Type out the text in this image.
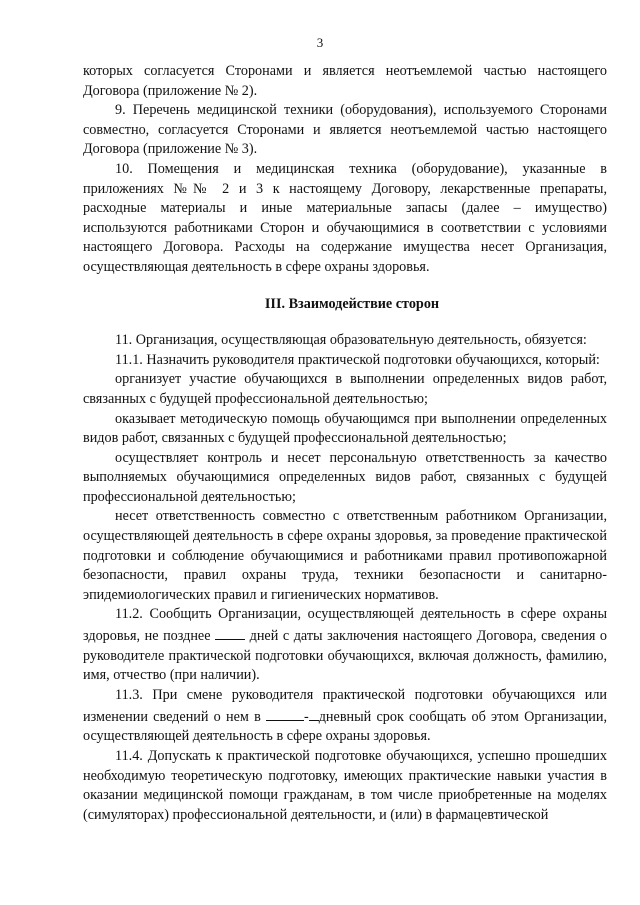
3

которых согласуется Сторонами и является неотъемлемой частью настоящего Договора (приложение № 2).

9. Перечень медицинской техники (оборудования), используемого Сторонами совместно, согласуется Сторонами и является неотъемлемой частью настоящего Договора (приложение № 3).

10. Помещения и медицинская техника (оборудование), указанные в приложениях №№ 2 и 3 к настоящему Договору, лекарственные препараты, расходные материалы и иные материальные запасы (далее – имущество) используются работниками Сторон и обучающимися в соответствии с условиями настоящего Договора. Расходы на содержание имущества несет Организация, осуществляющая деятельность в сфере охраны здоровья.

III. Взаимодействие сторон

11. Организация, осуществляющая образовательную деятельность, обязуется:

11.1. Назначить руководителя практической подготовки обучающихся, который:

организует участие обучающихся в выполнении определенных видов работ, связанных с будущей профессиональной деятельностью;

оказывает методическую помощь обучающимся при выполнении определенных видов работ, связанных с будущей профессиональной деятельностью;

осуществляет контроль и несет персональную ответственность за качество выполняемых обучающимися определенных видов работ, связанных с будущей профессиональной деятельностью;

несет ответственность совместно с ответственным работником Организации, осуществляющей деятельность в сфере охраны здоровья, за проведение практической подготовки и соблюдение обучающимися и работниками правил противопожарной безопасности, правил охраны труда, техники безопасности и санитарно-эпидемиологических правил и гигиенических нормативов.

11.2. Сообщить Организации, осуществляющей деятельность в сфере охраны здоровья, не позднее	дней с даты заключения настоящего Договора, сведения о руководителе практической подготовки обучающихся, включая должность, фамилию, имя, отчество (при наличии).

11.3. При смене руководителя практической подготовки обучающихся или изменении сведений о нем в	- дневный срок сообщать об этом Организации, осуществляющей деятельность в сфере охраны здоровья.

11.4. Допускать к практической подготовке обучающихся, успешно прошедших необходимую теоретическую подготовку, имеющих практические навыки участия в оказании медицинской помощи гражданам, в том числе приобретенные на моделях (симуляторах) профессиональной деятельности, и (или) в фармацевтической
